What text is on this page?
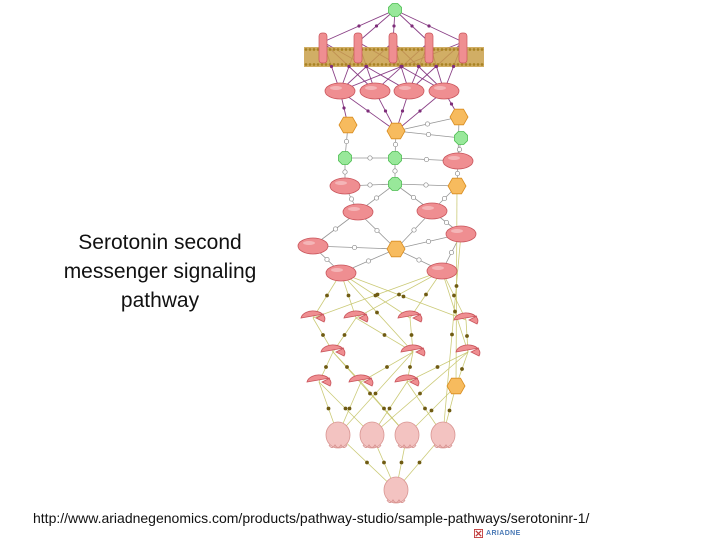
Serotonin second
messenger signaling
pathway
http://www.ariadnegenomics.com/products/pathway-studio/sample-pathways/serotoninr-1/
ARIADNE
